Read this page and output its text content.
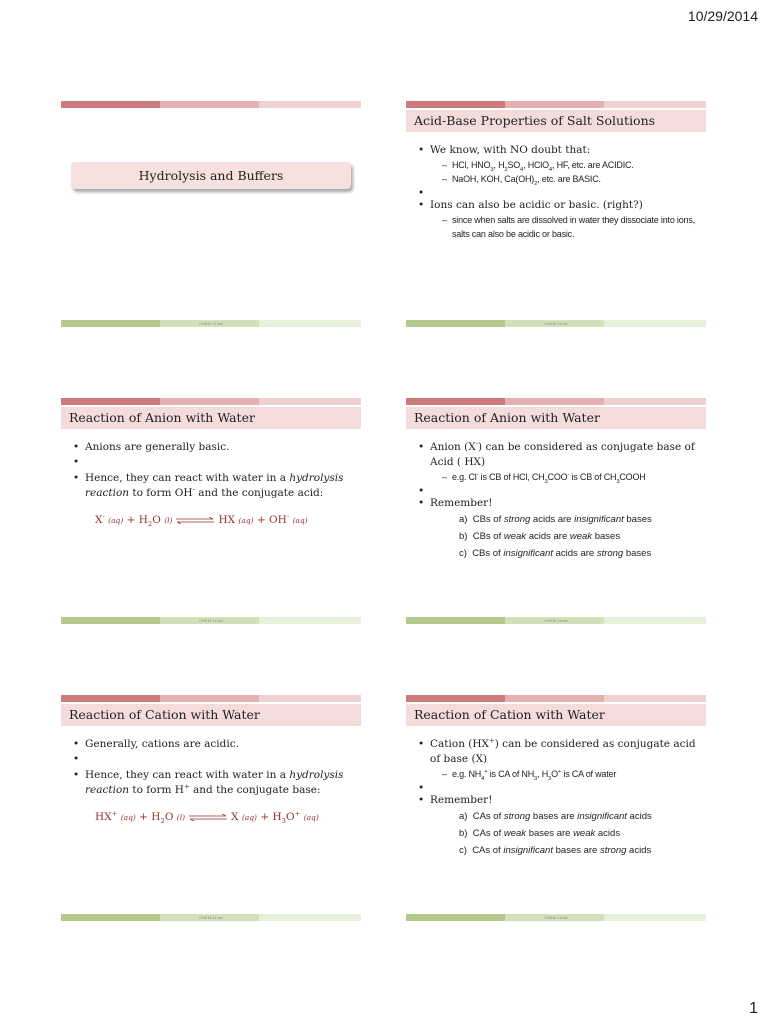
10/29/2014
Hydrolysis and Buffers
CHEM 17 lab
Acid-Base Properties of Salt Solutions
• We know, with NO doubt that:
– HCl, $HNO_3$, $H_2SO_4$, HClO$_4$, HF, etc. are ACIDIC.
– NaOH, KOH, $Ca(OH)_2$, etc. are BASIC.
•
• Ions can also be acidic or basic. (right?)
– since when salts are dissolved in water they dissociate into ions, salts can also be acidic or basic.
CHEM 11 lab
Reaction of Anion with Water
• Anions are generally basic.
•
• Hence, they can react with water in a hydrolysis reaction to form OH- and the conjugate acid:
X- $(aq) + H_2O$ (l) ⇌ HX (aq) + OH- (aq)
CHEM 11 lab
Reaction of Anion with Water
• Anion (X-) can be considered as conjugate base of Acid ( HX)
– e.g. Cl- is CB of HCl, $CH_3COO^-$ is CB of $CH_3COOH$
•
• Remember!
a)  CBs of strong acids are insignificant bases
b)  CBs of weak acids are weak bases
c)  CBs of insignificant acids are strong bases
CHEM 11 lab
Reaction of Cation with Water
• Generally, cations are acidic.
•
• Hence, they can react with water in a hydrolysis reaction to form H+ and the conjugate base:
HX+ $(aq) + H_2O$ (l) ⇌ X $(aq) + H_3O^+$ (aq)
CHEM 11 lab
Reaction of Cation with Water
• Cation (HX+) can be considered as conjugate acid of base (X)
– e.g. $NH_4^+$ is CA of $NH_3$, $H_3O^+$ is CA of water
•
• Remember!
a)  CAs of strong bases are insignificant acids
b)  CAs of weak bases are weak acids
c)  CAs of insignificant bases are strong acids
CHEM 11 lab
1
